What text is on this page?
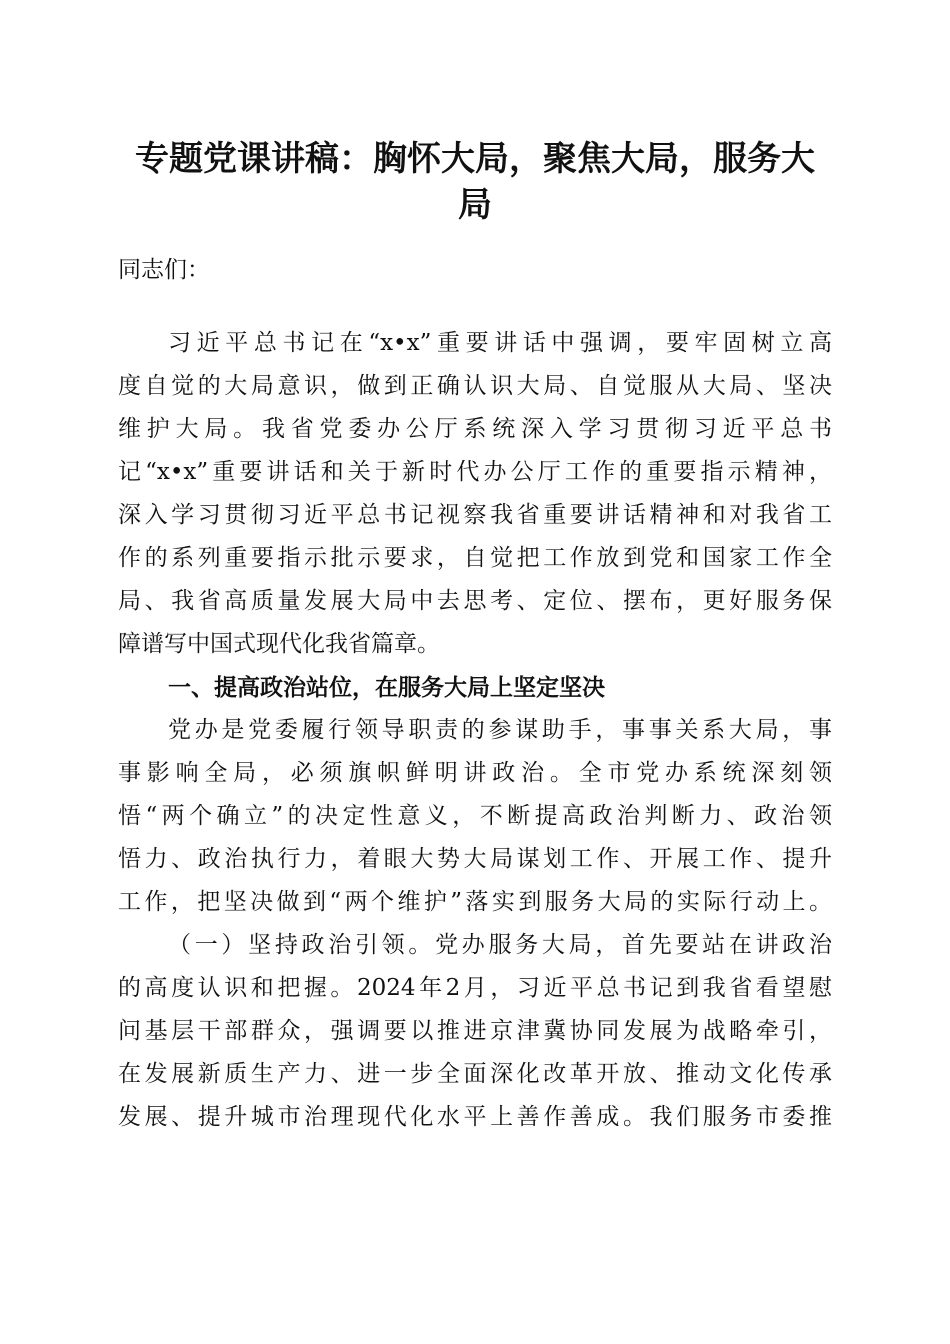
专题党课讲稿：胸怀大局，聚焦大局，服务大
局
同志们：
习近平总书记在“x•x”重要讲话中强调，要牢固树立高
度自觉的大局意识，做到正确认识大局、自觉服从大局、坚决
维护大局。我省党委办公厅系统深入学习贯彻习近平总书
记“x•x”重要讲话和关于新时代办公厅工作的重要指示精神，
深入学习贯彻习近平总书记视察我省重要讲话精神和对我省工
作的系列重要指示批示要求，自觉把工作放到党和国家工作全
局、我省高质量发展大局中去思考、定位、摆布，更好服务保
障谱写中国式现代化我省篇章。
一、提高政治站位，在服务大局上坚定坚决
党办是党委履行领导职责的参谋助手，事事关系大局，事
事影响全局，必须旗帜鲜明讲政治。全市党办系统深刻领
悟“两个确立”的决定性意义，不断提高政治判断力、政治领
悟力、政治执行力，着眼大势大局谋划工作、开展工作、提升
工作，把坚决做到“两个维护”落实到服务大局的实际行动上。
（一）坚持政治引领。党办服务大局，首先要站在讲政治
的高度认识和把握。2024年2月，习近平总书记到我省看望慰
问基层干部群众，强调要以推进京津冀协同发展为战略牵引，
在发展新质生产力、进一步全面深化改革开放、推动文化传承
发展、提升城市治理现代化水平上善作善成。我们服务市委推
